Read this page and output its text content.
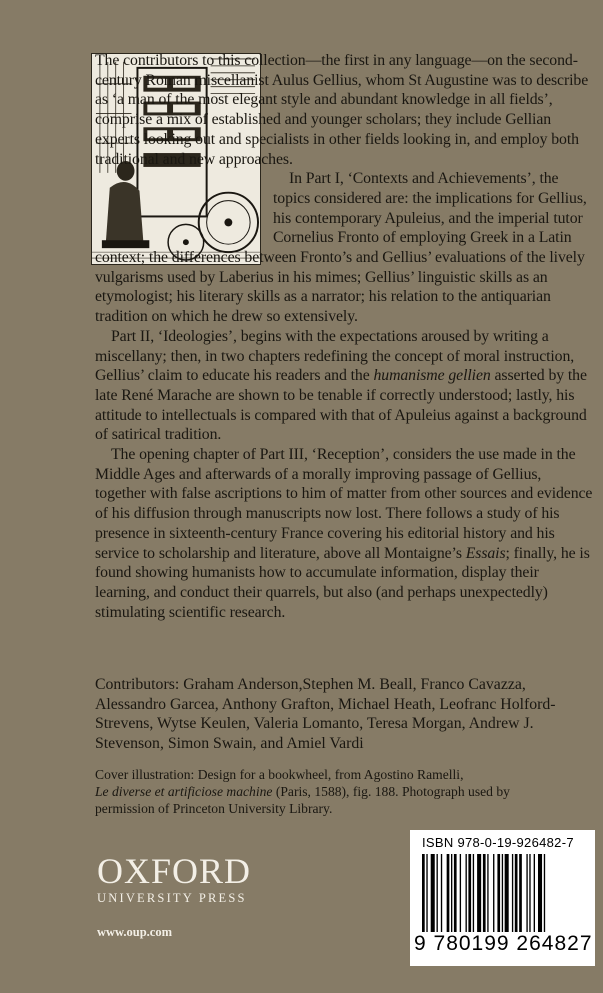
The contributors to this collection—the first in any language—on the second-century Roman miscellanist Aulus Gellius, whom St Augustine was to describe as ‘a man of the most elegant style and abundant knowledge in all fields’, comprise a mix of established and younger scholars; they include Gellian experts looking out and specialists in other fields looking in, and employ both traditional and new approaches.

In Part I, ‘Contexts and Achievements’, the topics considered are: the implications for Gellius, his contemporary Apuleius, and the imperial tutor Cornelius Fronto of employing Greek in a Latin
context; the differences between Fronto’s and Gellius’ evaluations of the lively vulgarisms used by Laberius in his mimes; Gellius’ linguistic skills as an etymologist; his literary skills as a narrator; his relation to the antiquarian tradition on which he drew so extensively.

Part II, ‘Ideologies’, begins with the expectations aroused by writing a miscellany; then, in two chapters redefining the concept of moral instruction, Gellius’ claim to educate his readers and the humanisme gellien asserted by the late René Marache are shown to be tenable if correctly understood; lastly, his attitude to intellectuals is compared with that of Apuleius against a background of satirical tradition.

The opening chapter of Part III, ‘Reception’, considers the use made in the Middle Ages and afterwards of a morally improving passage of Gellius, together with false ascriptions to him of matter from other sources and evidence of his diffusion through manuscripts now lost. There follows a study of his presence in sixteenth-century France covering his editorial history and his service to scholarship and literature, above all Montaigne’s Essais; finally, he is found showing humanists how to accumulate information, display their learning, and conduct their quarrels, but also (and perhaps unexpectedly) stimulating scientific research.

Contributors: Graham Anderson,Stephen M. Beall, Franco Cavazza, Alessandro Garcea, Anthony Grafton, Michael Heath, Leofranc Holford-Strevens, Wytse Keulen, Valeria Lomanto, Teresa Morgan, Andrew J. Stevenson, Simon Swain, and Amiel Vardi
Cover illustration: Design for a bookwheel, from Agostino Ramelli,
Le diverse et artificiose machine (Paris, 1588), fig. 188. Photograph used by permission of Princeton University Library.
OXFORD
UNIVERSITY PRESS
www.oup.com
ISBN 978-0-19-926482-7
9 780199 264827
